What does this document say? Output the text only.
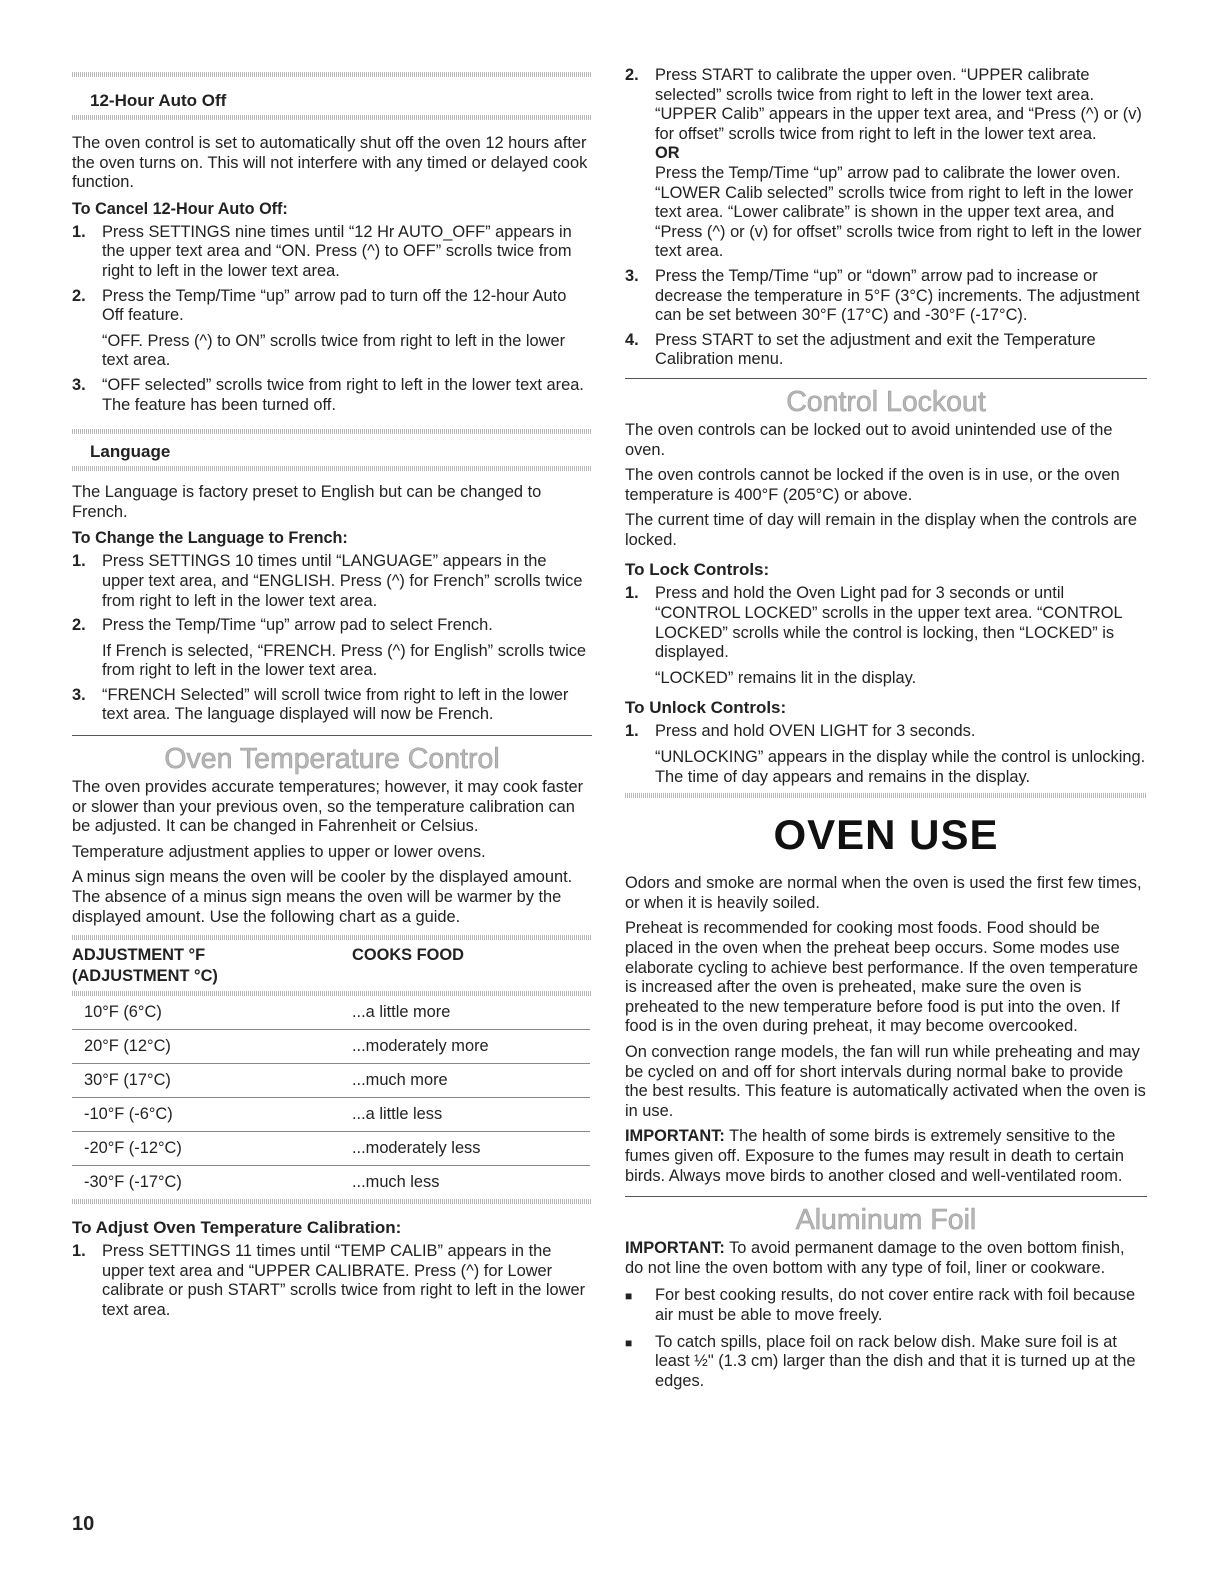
12-Hour Auto Off

The oven control is set to automatically shut off the oven 12 hours after the oven turns on. This will not interfere with any timed or delayed cook function.

To Cancel 12-Hour Auto Off:
1. Press SETTINGS nine times until “12 Hr AUTO_OFF” appears in the upper text area and “ON. Press (^) to OFF” scrolls twice from right to left in the lower text area.

2. Press the Temp/Time “up” arrow pad to turn off the 12-hour Auto Off feature.

“OFF. Press (^) to ON” scrolls twice from right to left in the lower text area.

3. “OFF selected” scrolls twice from right to left in the lower text area. The feature has been turned off.

Language

The Language is factory preset to English but can be changed to French.

To Change the Language to French:
1. Press SETTINGS 10 times until “LANGUAGE” appears in the upper text area, and “ENGLISH. Press (^) for French” scrolls twice from right to left in the lower text area.

2. Press the Temp/Time “up” arrow pad to select French.

If French is selected, “FRENCH. Press (^) for English” scrolls twice from right to left in the lower text area.

3. “FRENCH Selected” will scroll twice from right to left in the lower text area. The language displayed will now be French.

Oven Temperature Control

The oven provides accurate temperatures; however, it may cook faster or slower than your previous oven, so the temperature calibration can be adjusted. It can be changed in Fahrenheit or Celsius.

Temperature adjustment applies to upper or lower ovens.

A minus sign means the oven will be cooler by the displayed amount. The absence of a minus sign means the oven will be warmer by the displayed amount. Use the following chart as a guide.

ADJUSTMENT °F
(ADJUSTMENT °C)	COOKS FOOD
10°F (6°C)	...a little more
20°F (12°C)	...moderately more
30°F (17°C)	...much more
-10°F (-6°C)	...a little less
-20°F (-12°C)	...moderately less
-30°F (-17°C)	...much less
To Adjust Oven Temperature Calibration:
1. Press SETTINGS 11 times until “TEMP CALIB” appears in the upper text area and “UPPER CALIBRATE. Press (^) for Lower calibrate or push START” scrolls twice from right to left in the lower text area.

2. Press START to calibrate the upper oven. “UPPER calibrate selected” scrolls twice from right to left in the lower text area. “UPPER Calib” appears in the upper text area, and “Press (^) or (v) for offset” scrolls twice from right to left in the lower text area.

OR

Press the Temp/Time “up” arrow pad to calibrate the lower oven. “LOWER Calib selected” scrolls twice from right to left in the lower text area. “Lower calibrate” is shown in the upper text area, and “Press (^) or (v) for offset” scrolls twice from right to left in the lower text area.

3. Press the Temp/Time “up” or “down” arrow pad to increase or decrease the temperature in 5°F (3°C) increments. The adjustment can be set between 30°F (17°C) and -30°F (-17°C).

4. Press START to set the adjustment and exit the Temperature Calibration menu.

Control Lockout

The oven controls can be locked out to avoid unintended use of the oven.

The oven controls cannot be locked if the oven is in use, or the oven temperature is 400°F (205°C) or above.

The current time of day will remain in the display when the controls are locked.

To Lock Controls:
1. Press and hold the Oven Light pad for 3 seconds or until “CONTROL LOCKED” scrolls in the upper text area. “CONTROL LOCKED” scrolls while the control is locking, then “LOCKED” is displayed.

“LOCKED” remains lit in the display.

To Unlock Controls:
1. Press and hold OVEN LIGHT for 3 seconds.

“UNLOCKING” appears in the display while the control is unlocking. The time of day appears and remains in the display.

OVEN USE

Odors and smoke are normal when the oven is used the first few times, or when it is heavily soiled.

Preheat is recommended for cooking most foods. Food should be placed in the oven when the preheat beep occurs. Some modes use elaborate cycling to achieve best performance. If the oven temperature is increased after the oven is preheated, make sure the oven is preheated to the new temperature before food is put into the oven. If food is in the oven during preheat, it may become overcooked.

On convection range models, the fan will run while preheating and may be cycled on and off for short intervals during normal bake to provide the best results. This feature is automatically activated when the oven is in use.

IMPORTANT: The health of some birds is extremely sensitive to the fumes given off. Exposure to the fumes may result in death to certain birds. Always move birds to another closed and well-ventilated room.

Aluminum Foil

IMPORTANT: To avoid permanent damage to the oven bottom finish, do not line the oven bottom with any type of foil, liner or cookware.

■ For best cooking results, do not cover entire rack with foil because air must be able to move freely.

■ To catch spills, place foil on rack below dish. Make sure foil is at least ½" (1.3 cm) larger than the dish and that it is turned up at the edges.

10
